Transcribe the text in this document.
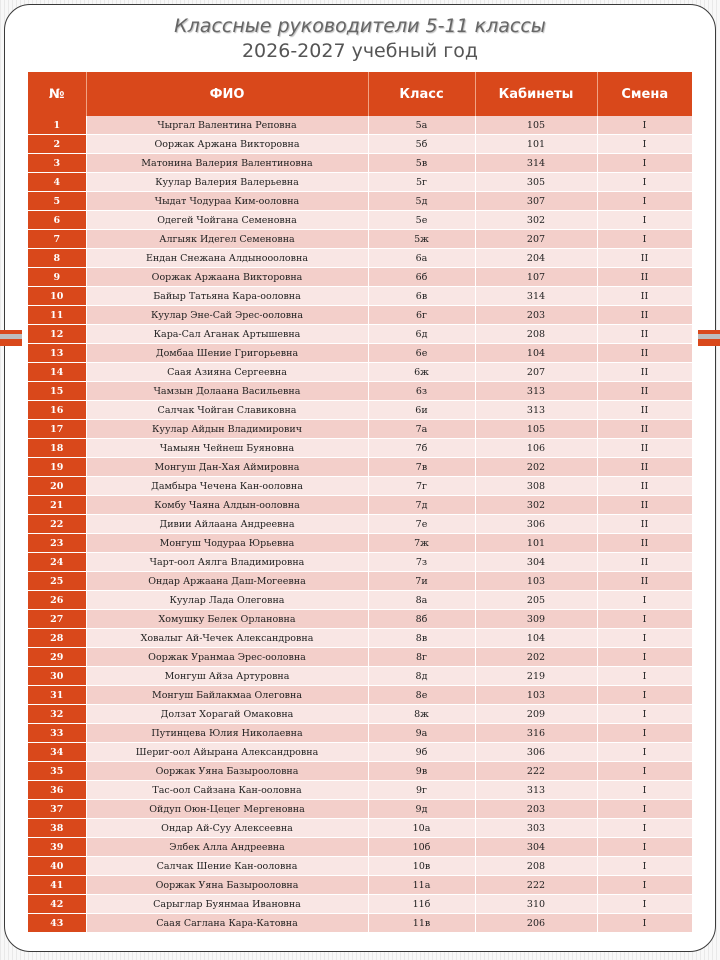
Классные руководители 5-11 классы
2026-2027 учебный год
№	ФИО	Класс	Кабинеты	Смена
1	Чыргал Валентина Реповна	5а	105	I
2	Ооржак Аржана Викторовна	5б	101	I
3	Матонина Валерия Валентиновна	5в	314	I
4	Куулар Валерия Валерьевна	5г	305	I
5	Чыдат Чодураа Ким-ооловна	5д	307	I
6	Одегей Чойгана Семеновна	5е	302	I
7	Алгыяк Идегел Семеновна	5ж	207	I
8	Ендан Снежана Алдыноооловна	6а	204	II
9	Ооржак Аржаана Викторовна	6б	107	II
10	Байыр Татьяна Кара-ооловна	6в	314	II
11	Куулар Эне-Сай Эрес-ооловна	6г	203	II
12	Кара-Сал Аганак Артышевна	6д	208	II
13	Домбаа Шение Григорьевна	6е	104	II
14	Саая Азияна Сергеевна	6ж	207	II
15	Чамзын Долаана Васильевна	6з	313	II
16	Салчак Чойган Славиковна	6и	313	II
17	Куулар Айдын Владимирович	7а	105	II
18	Чамыян Чейнеш Буяновна	7б	106	II
19	Монгуш Дан-Хая Аймировна	7в	202	II
20	Дамбыра Чечена Кан-ооловна	7г	308	II
21	Комбу Чаяна Алдын-ооловна	7д	302	II
22	Дивии Айлаана Андреевна	7е	306	II
23	Монгуш Чодураа Юрьевна	7ж	101	II
24	Чарт-оол Аялга Владимировна	7з	304	II
25	Ондар Аржаана Даш-Могеевна	7и	103	II
26	Куулар Лада Олеговна	8а	205	I
27	Хомушку Белек Орлановна	8б	309	I
28	Ховалыг Ай-Чечек Александровна	8в	104	I
29	Ооржак Уранмаа Эрес-ооловна	8г	202	I
30	Монгуш Айза Артуровна	8д	219	I
31	Монгуш Байлакмаа Олеговна	8е	103	I
32	Долзат Хорагай Омаковна	8ж	209	I
33	Путинцева Юлия Николаевна	9а	316	I
34	Шериг-оол Айырана Александровна	9б	306	I
35	Ооржак Уяна Базырооловна	9в	222	I
36	Тас-оол Сайзана Кан-ооловна	9г	313	I
37	Ойдуп Оюн-Цецег Мергеновна	9д	203	I
38	Ондар Ай-Суу Алексеевна	10а	303	I
39	Элбек Алла Андреевна	10б	304	I
40	Салчак Шение Кан-ооловна	10в	208	I
41	Ооржак Уяна Базырооловна	11а	222	I
42	Сарыглар Буянмаа Ивановна	11б	310	I
43	Саая Сагланa Кара-Катовна	11в	206	I
